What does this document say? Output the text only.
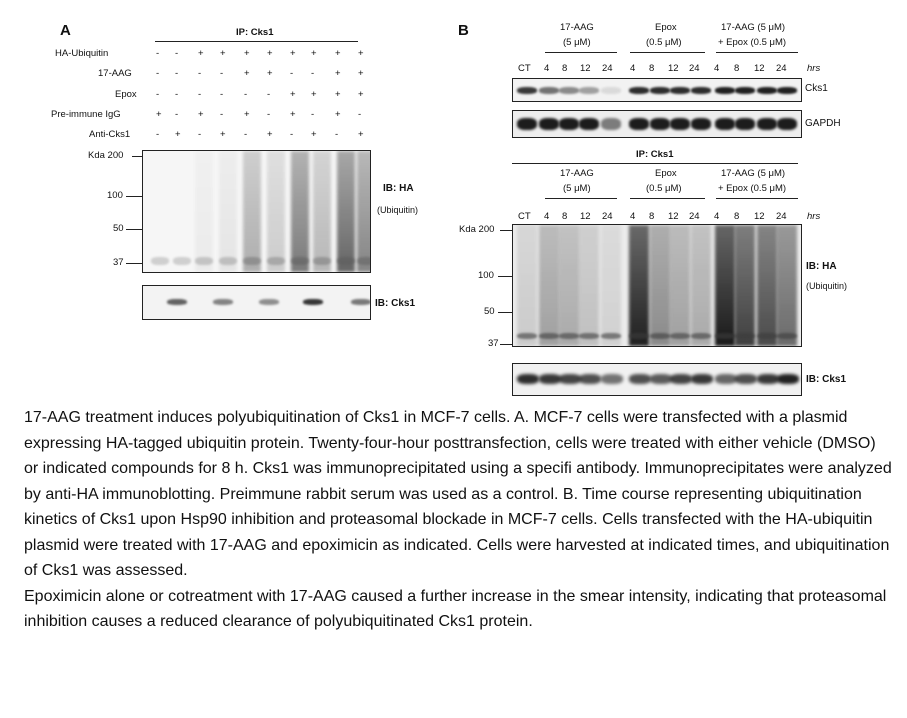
A	IP: Cks1
HA-Ubiquitin
17-AAG
Epox
Pre-immune IgG
Anti-Cks1
- - + + + + + + + +
- - - - + + - - + +
- - - - - - + + + +
+ - + - + - + - + -
- + - + - + - + - +
Kda 200
100
50
37
IB: HA
(Ubiquitin)
IB: Cks1
B	17-AAG
(5 μM)
Epox
(0.5 μM)
17-AAG (5 μM)
+ Epox (0.5 μM)
CT 4 8 12 24 4 8 12 24 4 8 12 24 hrs
Cks1
GAPDH
IP: Cks1
17-AAG
(5 μM)
Epox
(0.5 μM)
17-AAG (5 μM)
+ Epox (0.5 μM)
CT 4 8 12 24 4 8 12 24 4 8 12 24 hrs
Kda 200
100
50
37
IB: HA
(Ubiquitin)
IB: Cks1

17-AAG treatment induces polyubiquitination of Cks1 in MCF-7 cells. A. MCF-7 cells were transfected with a plasmid expressing HA-tagged ubiquitin protein. Twenty-four-hour posttransfection, cells were treated with either vehicle (DMSO) or indicated compounds for 8 h. Cks1 was immunoprecipitated using a specifi antibody. Immunoprecipitates were analyzed by anti-HA immunoblotting. Preimmune rabbit serum was used as a control. B. Time course representing ubiquitination kinetics of Cks1 upon Hsp90 inhibition and proteasomal blockade in MCF-7 cells. Cells transfected with the HA-ubiquitin plasmid were treated with 17-AAG and epoximicin as indicated. Cells were harvested at indicated times, and ubiquitination of Cks1 was assessed.

Epoximicin alone or cotreatment with 17-AAG caused a further increase in the smear intensity, indicating that proteasomal inhibition causes a reduced clearance of polyubiquitinated Cks1 protein.
